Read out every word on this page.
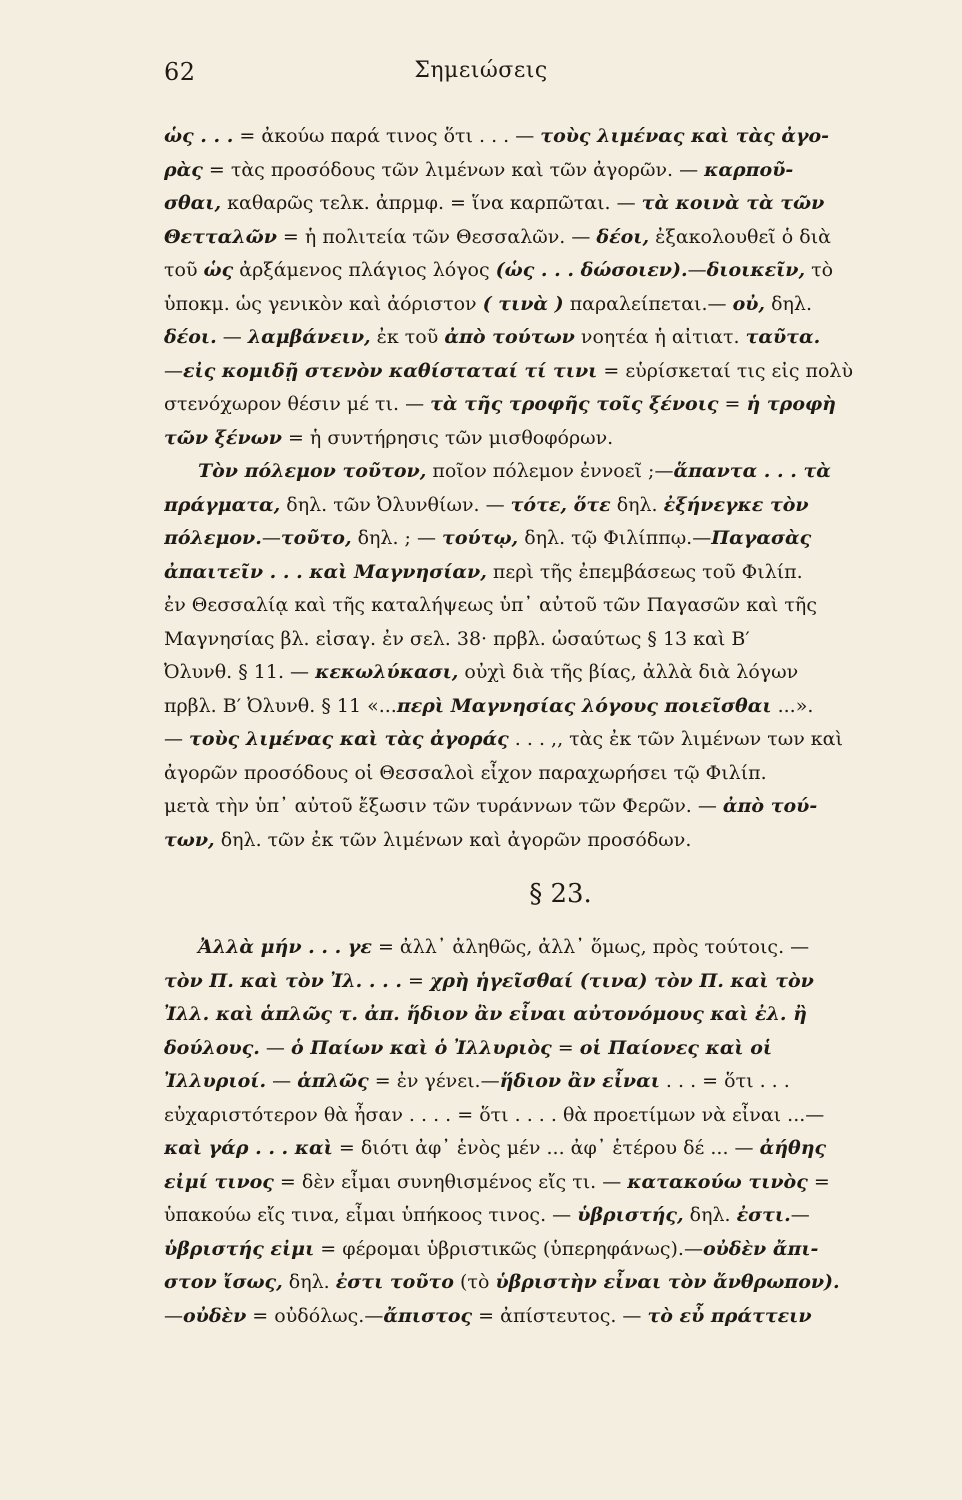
62	Σημειώσεις
ὡς . . . = ἀκούω παρά τινος ὅτι . . . — τοὺς λιμένας καὶ τὰς ἀγο-
ρὰς = τὰς προσόδους τῶν λιμένων καὶ τῶν ἀγορῶν. — καρποῦ-
σθαι, καθαρῶς τελκ. ἀπρμφ. = ἵνα καρπῶται. — τὰ κοινὰ τὰ τῶν
Θετταλῶν = ἡ πολιτεία τῶν Θεσσαλῶν. — δέοι, ἐξακολουθεῖ ὁ διὰ
τοῦ ὡς ἀρξάμενος πλάγιος λόγος (ὡς . . . δώσοιεν).—διοικεῖν, τὸ
ὑποκμ. ὡς γενικὸν καὶ ἀόριστον ( τινὰ ) παραλείπεται.— οὐ, δηλ.
δέοι. — λαμβάνειν, ἐκ τοῦ ἀπὸ τούτων νοητέα ἡ αἰτιατ. ταῦτα.
—εἰς κομιδῇ στενὸν καθίσταταί τί τινι = εὑρίσκεταί τις εἰς πολὺ
στενόχωρον θέσιν μέ τι. — τὰ τῆς τροφῆς τοῖς ξένοις = ἡ τροφὴ
τῶν ξένων = ἡ συντήρησις τῶν μισθοφόρων.
Τὸν πόλεμον τοῦτον, ποῖον πόλεμον ἐννοεῖ ;—ἅπαντα . . . τὰ
πράγματα, δηλ. τῶν Ὀλυνθίων. — τότε, ὅτε δηλ. ἐξήνεγκε τὸν
πόλεμον.—τοῦτο, δηλ. ; — τούτῳ, δηλ. τῷ Φιλίππῳ.—Παγασὰς
ἀπαιτεῖν . . . καὶ Μαγνησίαν, περὶ τῆς ἐπεμβάσεως τοῦ Φιλίπ.
ἐν Θεσσαλίᾳ καὶ τῆς καταλήψεως ὑπ᾽ αὐτοῦ τῶν Παγασῶν καὶ τῆς
Μαγνησίας βλ. εἰσαγ. ἐν σελ. 38· πρβλ. ὡσαύτως § 13 καὶ Β′
Ὀλυνθ. § 11. — κεκωλύκασι, οὐχὶ διὰ τῆς βίας, ἀλλὰ διὰ λόγων
πρβλ. Β′ Ὀλυνθ. § 11 «...περὶ Μαγνησίας λόγους ποιεῖσθαι ...».
— τοὺς λιμένας καὶ τὰς ἀγοράς . . . ,, τὰς ἐκ τῶν λιμένων των καὶ
ἀγορῶν προσόδους οἱ Θεσσαλοὶ εἶχον παραχωρήσει τῷ Φιλίπ.
μετὰ τὴν ὑπ᾽ αὐτοῦ ἔξωσιν τῶν τυράννων τῶν Φερῶν. — ἀπὸ τού-
των, δηλ. τῶν ἐκ τῶν λιμένων καὶ ἀγορῶν προσόδων.
§ 23.
Ἀλλὰ μήν . . . γε = ἀλλ᾽ ἀληθῶς, ἀλλ᾽ ὅμως, πρὸς τούτοις. —
τὸν Π. καὶ τὸν Ἰλ. . . . = χρὴ ἡγεῖσθαί (τινα) τὸν Π. καὶ τὸν
Ἰλλ. καὶ ἁπλῶς τ. ἀπ. ἥδιον ἂν εἶναι αὐτονόμους καὶ ἐλ. ἢ
δούλους. — ὁ Παίων καὶ ὁ Ἰλλυριὸς = οἱ Παίονες καὶ οἱ
Ἰλλυριοί. — ἁπλῶς = ἐν γένει.—ἥδιον ἂν εἶναι . . . = ὅτι . . .
εὐχαριστότερον θὰ ἦσαν . . . . = ὅτι . . . . θὰ προετίμων νὰ εἶναι ...—
καὶ γάρ . . . καὶ = διότι ἀφ᾽ ἑνὸς μέν ... ἀφ᾽ ἑτέρου δέ ... — ἀήθης
εἰμί τινος = δὲν εἶμαι συνηθισμένος εἴς τι. — κατακούω τινὸς =
ὑπακούω εἴς τινα, εἶμαι ὑπήκοος τινος. — ὑβριστής, δηλ. ἐστι.—
ὑβριστής εἰμι = φέρομαι ὑβριστικῶς (ὑπερηφάνως).—οὐδὲν ἄπι-
στον ἴσως, δηλ. ἐστι τοῦτο (τὸ ὑβριστὴν εἶναι τὸν ἄνθρωπον).
—οὐδὲν = οὐδόλως.—ἄπιστος = ἀπίστευτος. — τὸ εὖ πράττειν
